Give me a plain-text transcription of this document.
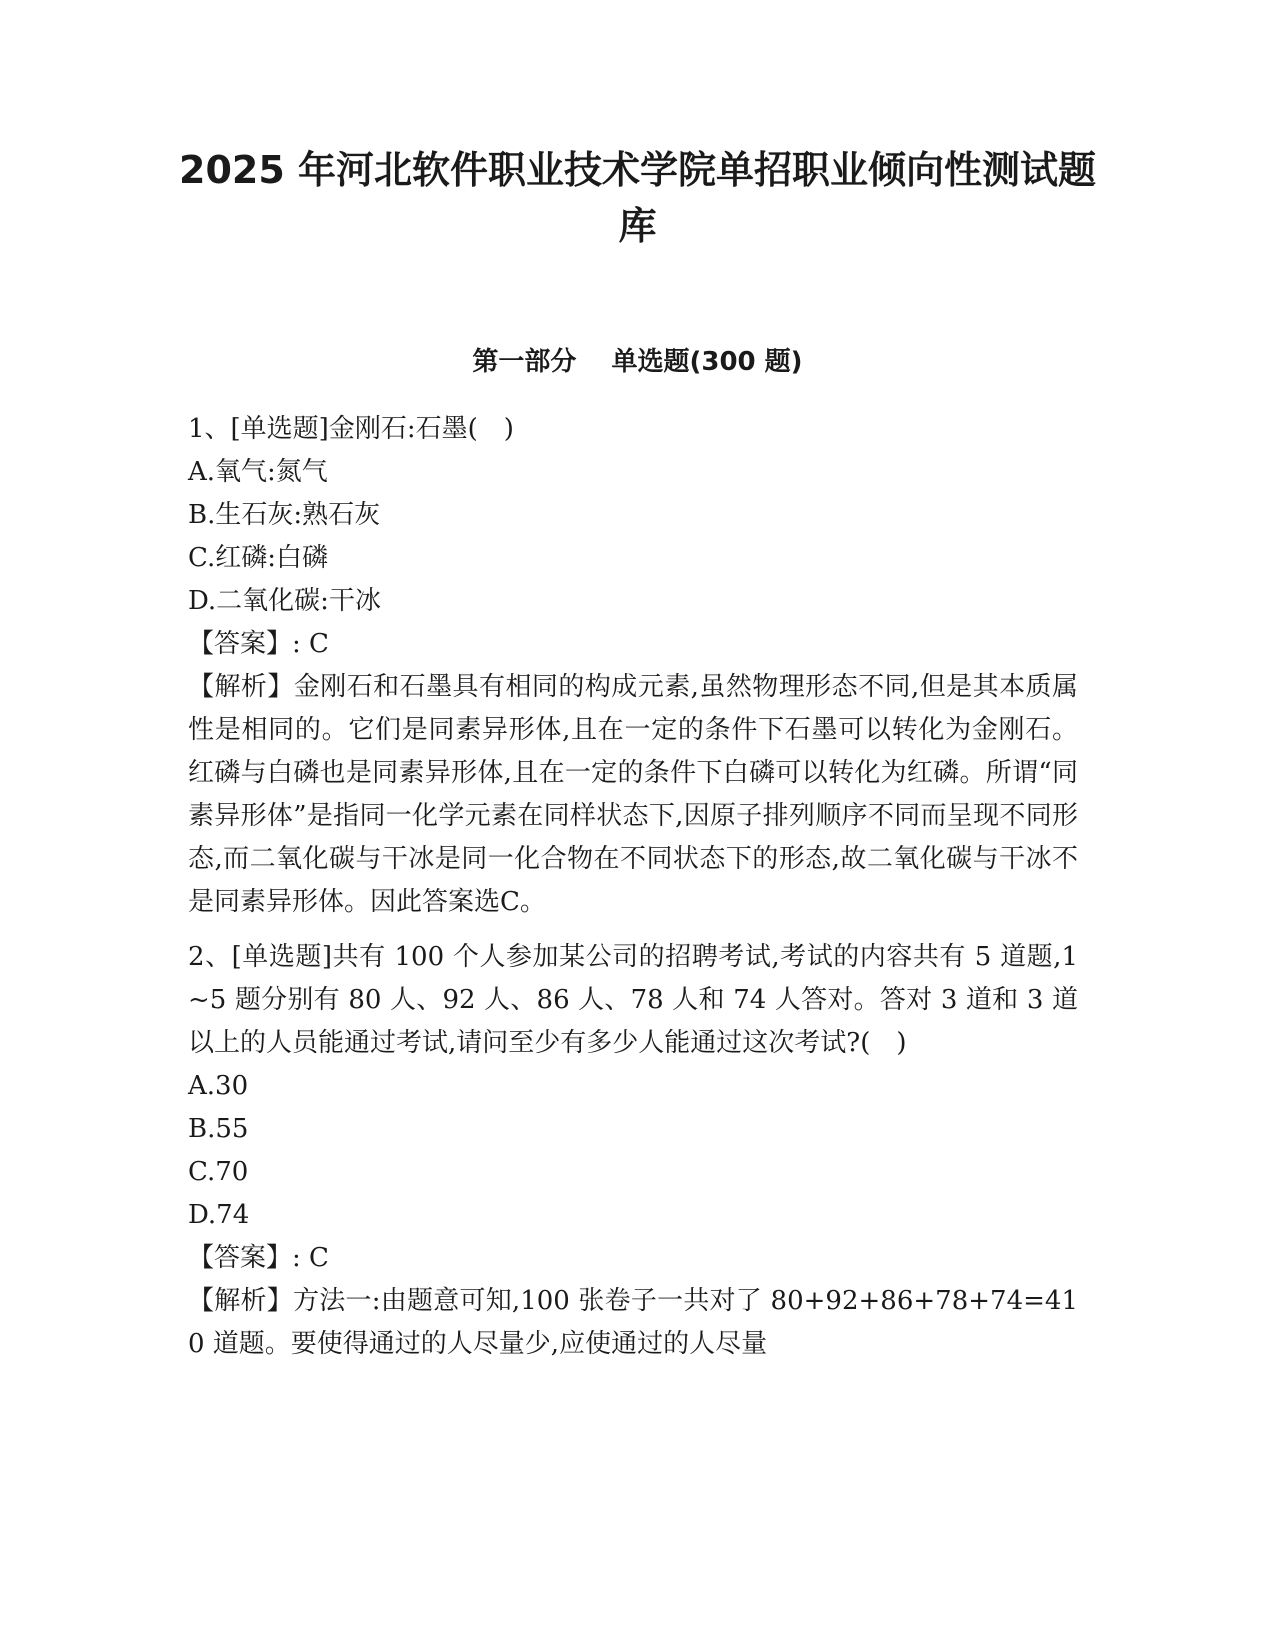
2025 年河北软件职业技术学院单招职业倾向性测试题
库
第一部分　 单选题(300 题)

1、[单选题]金刚石:石墨(　)

A.氧气:氮气

B.生石灰:熟石灰

C.红磷:白磷

D.二氧化碳:干冰

【答案】: C

【解析】金刚石和石墨具有相同的构成元素,虽然物理形态不同,但是其本质属性是相同的。它们是同素异形体,且在一定的条件下石墨可以转化为金刚石。红磷与白磷也是同素异形体,且在一定的条件下白磷可以转化为红磷。所谓“同素异形体”是指同一化学元素在同样状态下,因原子排列顺序不同而呈现不同形态,而二氧化碳与干冰是同一化合物在不同状态下的形态,故二氧化碳与干冰不是同素异形体。因此答案选C。

2、[单选题]共有 100 个人参加某公司的招聘考试,考试的内容共有 5 道题,1~5 题分别有 80 人、92 人、86 人、78 人和 74 人答对。答对 3 道和 3 道以上的人员能通过考试,请问至少有多少人能通过这次考试?(　)

A.30

B.55

C.70

D.74

【答案】: C

【解析】方法一:由题意可知,100 张卷子一共对了 80+92+86+78+74=410 道题。要使得通过的人尽量少,应使通过的人尽量
